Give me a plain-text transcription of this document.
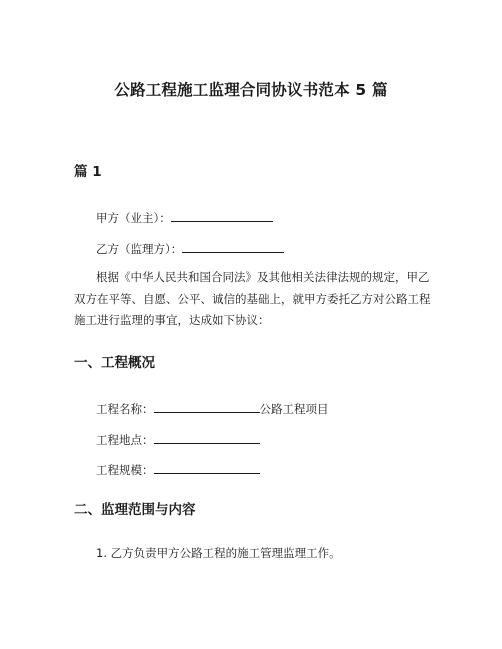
公路工程施工监理合同协议书范本 5 篇
篇 1
甲方（业主）：
乙方（监理方）：
根据《中华人民共和国合同法》及其他相关法律法规的规定，甲乙双方在平等、自愿、公平、诚信的基础上，就甲方委托乙方对公路工程施工进行监理的事宜，达成如下协议：
一、工程概况
工程名称：	公路工程项目
工程地点：
工程规模：
二、监理范围与内容
1. 乙方负责甲方公路工程的施工管理监理工作。
